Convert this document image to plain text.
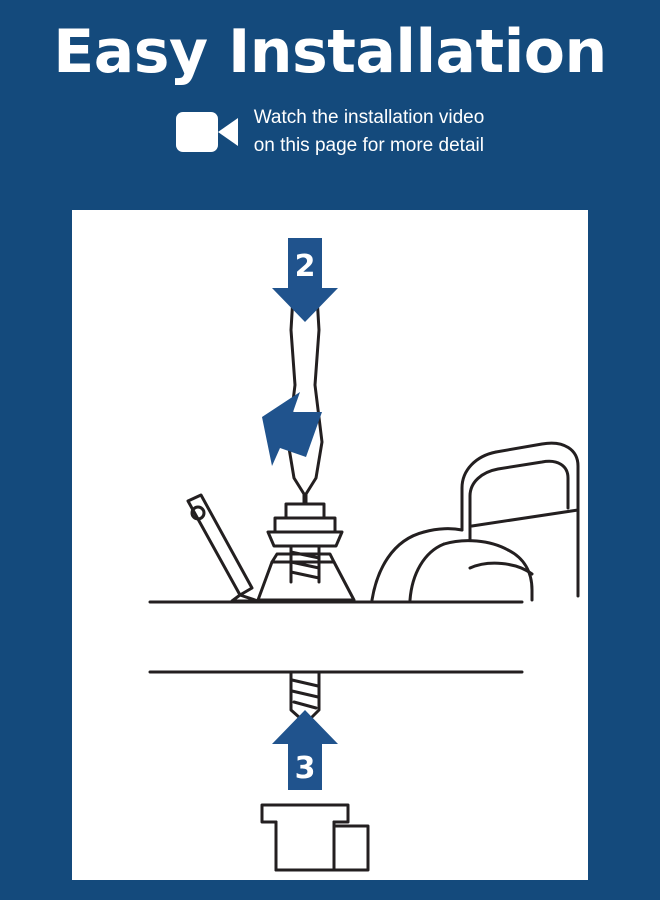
Easy Installation
Watch the installation video
on this page for more detail
1
2
3
